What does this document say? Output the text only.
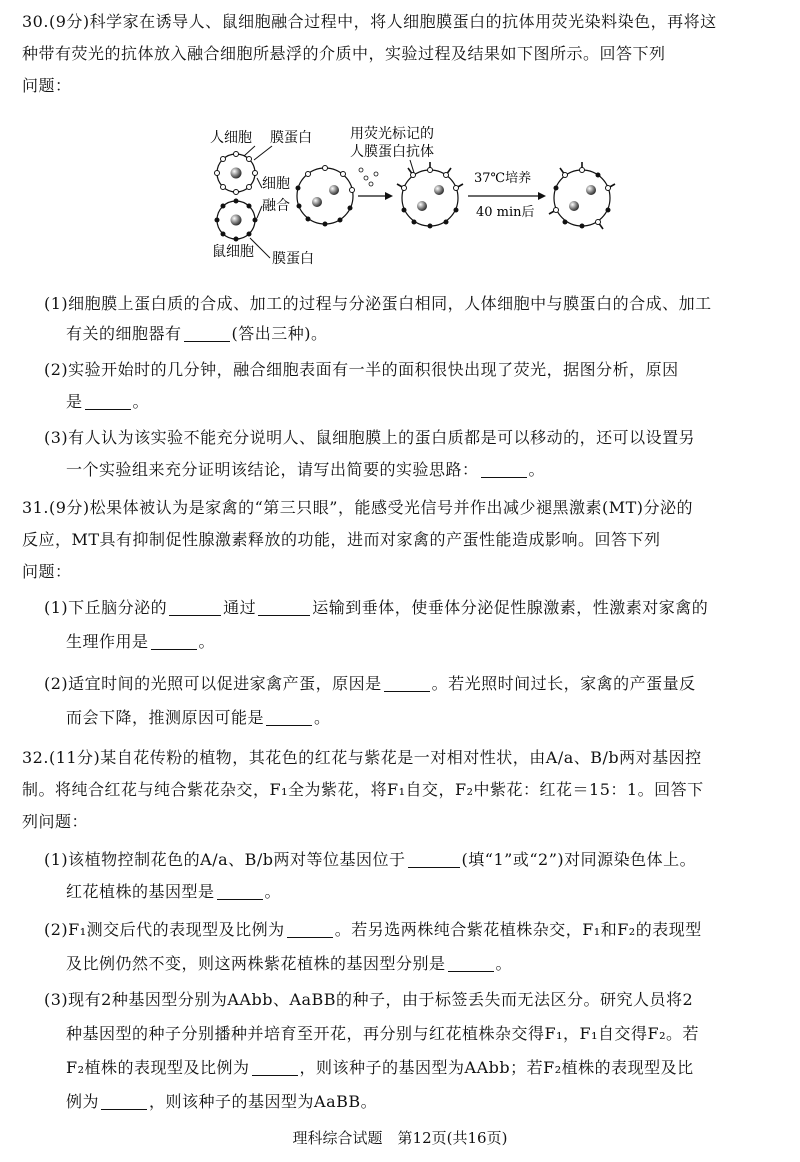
30.(9分)科学家在诱导人、鼠细胞融合过程中，将人细胞膜蛋白的抗体用荧光染料染色，再将这
种带有荧光的抗体放入融合细胞所悬浮的介质中，实验过程及结果如下图所示。回答下列
问题：
人细胞 膜蛋白
鼠细胞 膜蛋白
细胞
融合
用荧光标记的
人膜蛋白抗体
37℃培养
40 min后
(1)细胞膜上蛋白质的合成、加工的过程与分泌蛋白相同，人体细胞中与膜蛋白的合成、加工
有关的细胞器有	(答出三种)。
(2)实验开始时的几分钟，融合细胞表面有一半的面积很快出现了荧光，据图分析，原因
是	。
(3)有人认为该实验不能充分说明人、鼠细胞膜上的蛋白质都是可以移动的，还可以设置另
一个实验组来充分证明该结论，请写出简要的实验思路：	。
31.(9分)松果体被认为是家禽的“第三只眼”，能感受光信号并作出减少褪黑激素(MT)分泌的
反应，MT具有抑制促性腺激素释放的功能，进而对家禽的产蛋性能造成影响。回答下列
问题：
(1)下丘脑分泌的	通过	运输到垂体，使垂体分泌促性腺激素，性激素对家禽的
生理作用是	。
(2)适宜时间的光照可以促进家禽产蛋，原因是	。若光照时间过长，家禽的产蛋量反
而会下降，推测原因可能是	。
32.(11分)某自花传粉的植物，其花色的红花与紫花是一对相对性状，由A/a、B/b两对基因控
制。将纯合红花与纯合紫花杂交，F₁全为紫花，将F₁自交，F₂中紫花：红花＝15：1。回答下
列问题：
(1)该植物控制花色的A/a、B/b两对等位基因位于	(填“1”或“2”)对同源染色体上。
红花植株的基因型是	。
(2)F₁测交后代的表现型及比例为	。若另选两株纯合紫花植株杂交，F₁和F₂的表现型
及比例仍然不变，则这两株紫花植株的基因型分别是	。
(3)现有2种基因型分别为AAbb、AaBB的种子，由于标签丢失而无法区分。研究人员将2
种基因型的种子分别播种并培育至开花，再分别与红花植株杂交得F₁，F₁自交得F₂。若
F₂植株的表现型及比例为	，则该种子的基因型为AAbb；若F₂植株的表现型及比
例为	，则该种子的基因型为AaBB。
理科综合试题　第12页(共16页)
